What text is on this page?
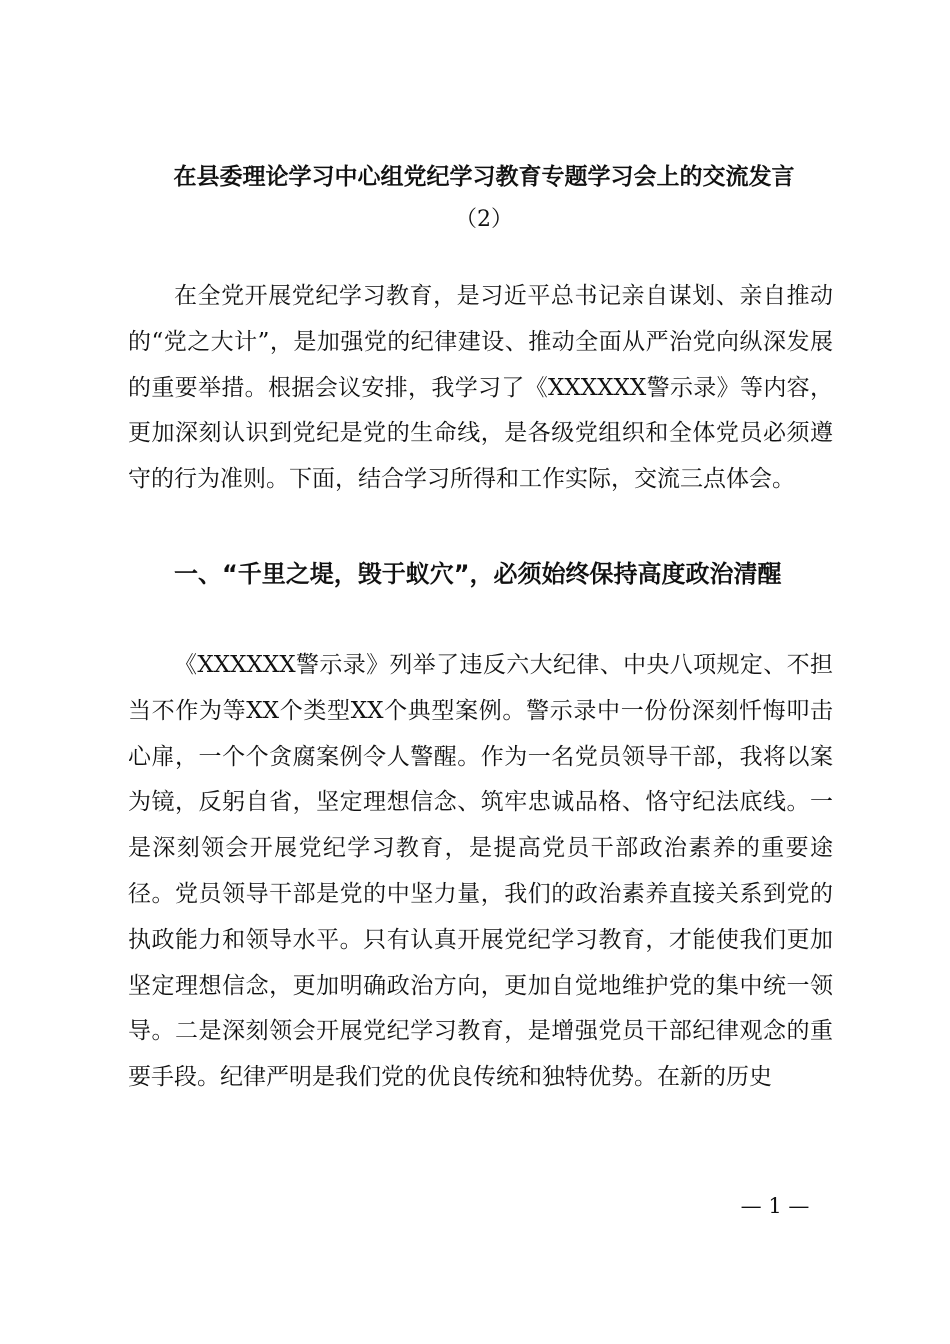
在县委理论学习中心组党纪学习教育专题学习会上的交流发言
（2）
在全党开展党纪学习教育，是习近平总书记亲自谋划、亲自推动的“党之大计”，是加强党的纪律建设、推动全面从严治党向纵深发展的重要举措。根据会议安排，我学习了《XXXXXX警示录》等内容，更加深刻认识到党纪是党的生命线，是各级党组织和全体党员必须遵守的行为准则。下面，结合学习所得和工作实际，交流三点体会。
一、“千里之堤，毁于蚁穴”，必须始终保持高度政治清醒
《XXXXXX警示录》列举了违反六大纪律、中央八项规定、不担当不作为等XX个类型XX个典型案例。警示录中一份份深刻忏悔叩击心扉，一个个贪腐案例令人警醒。作为一名党员领导干部，我将以案为镜，反躬自省，坚定理想信念、筑牢忠诚品格、恪守纪法底线。一是深刻领会开展党纪学习教育，是提高党员干部政治素养的重要途径。党员领导干部是党的中坚力量，我们的政治素养直接关系到党的执政能力和领导水平。只有认真开展党纪学习教育，才能使我们更加坚定理想信念，更加明确政治方向，更加自觉地维护党的集中统一领导。二是深刻领会开展党纪学习教育，是增强党员干部纪律观念的重要手段。纪律严明是我们党的优良传统和独特优势。在新的历史
— 1 —
